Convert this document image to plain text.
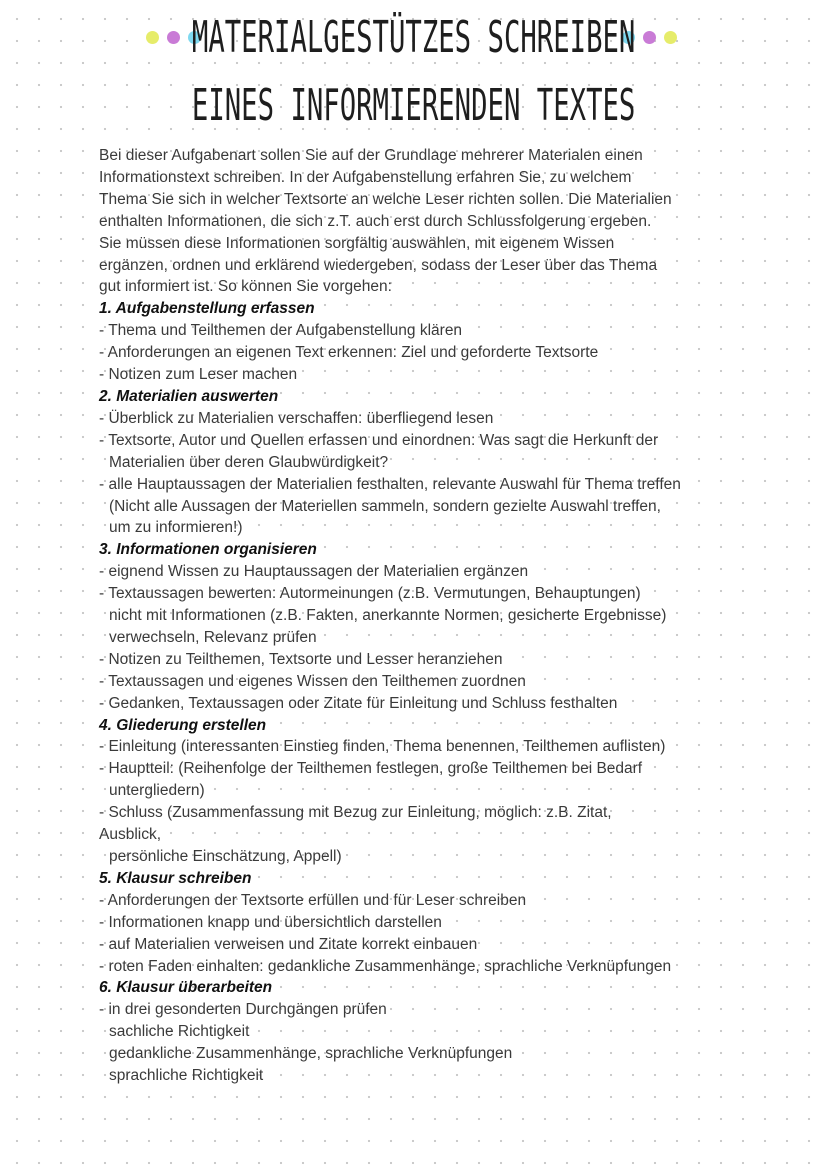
MATERIALGESTÜTZES SCHREIBEN
EINES INFORMIERENDEN TEXTES

Bei dieser Aufgabenart sollen Sie auf der Grundlage mehrerer Materialen einen

Informationstext schreiben. In der Aufgabenstellung erfahren Sie, zu welchem

Thema Sie sich in welcher Textsorte an welche Leser richten sollen. Die Materialien

enthalten Informationen, die sich z.T. auch erst durch Schlussfolgerung ergeben.

Sie müssen diese Informationen sorgfältig auswählen, mit eigenem Wissen

ergänzen, ordnen und erklärend wiedergeben, sodass der Leser über das Thema

gut informiert ist. So können Sie vorgehen:

1. Aufgabenstellung erfassen

- Thema und Teilthemen der Aufgabenstellung klären

- Anforderungen an eigenen Text erkennen: Ziel und geforderte Textsorte

- Notizen zum Leser machen

2. Materialien auswerten

- Überblick zu Materialien verschaffen: überfliegend lesen

- Textsorte, Autor und Quellen erfassen und einordnen: Was sagt die Herkunft der

Materialien über deren Glaubwürdigkeit?

- alle Hauptaussagen der Materialien festhalten, relevante Auswahl für Thema treffen

(Nicht alle Aussagen der Materiellen sammeln, sondern gezielte Auswahl treffen,

um zu informieren!)

3. Informationen organisieren

- eignend Wissen zu Hauptaussagen der Materialien ergänzen

- Textaussagen bewerten: Autormeinungen (z.B. Vermutungen, Behauptungen)

nicht mit Informationen (z.B. Fakten, anerkannte Normen, gesicherte Ergebnisse)

verwechseln, Relevanz prüfen

- Notizen zu Teilthemen, Textsorte und Lesser heranziehen

- Textaussagen und eigenes Wissen den Teilthemen zuordnen

- Gedanken, Textaussagen oder Zitate für Einleitung und Schluss festhalten

4. Gliederung erstellen

- Einleitung (interessanten Einstieg finden, Thema benennen, Teilthemen auflisten)

- Hauptteil: (Reihenfolge der Teilthemen festlegen, große Teilthemen bei Bedarf

untergliedern)

- Schluss (Zusammenfassung mit Bezug zur Einleitung, möglich: z.B. Zitat,

Ausblick,

persönliche Einschätzung, Appell)

5. Klausur schreiben

- Anforderungen der Textsorte erfüllen und für Leser schreiben

- Informationen knapp und übersichtlich darstellen

- auf Materialien verweisen und Zitate korrekt einbauen

- roten Faden einhalten: gedankliche Zusammenhänge, sprachliche Verknüpfungen

6. Klausur überarbeiten

- in drei gesonderten Durchgängen prüfen

sachliche Richtigkeit

gedankliche Zusammenhänge, sprachliche Verknüpfungen

sprachliche Richtigkeit
